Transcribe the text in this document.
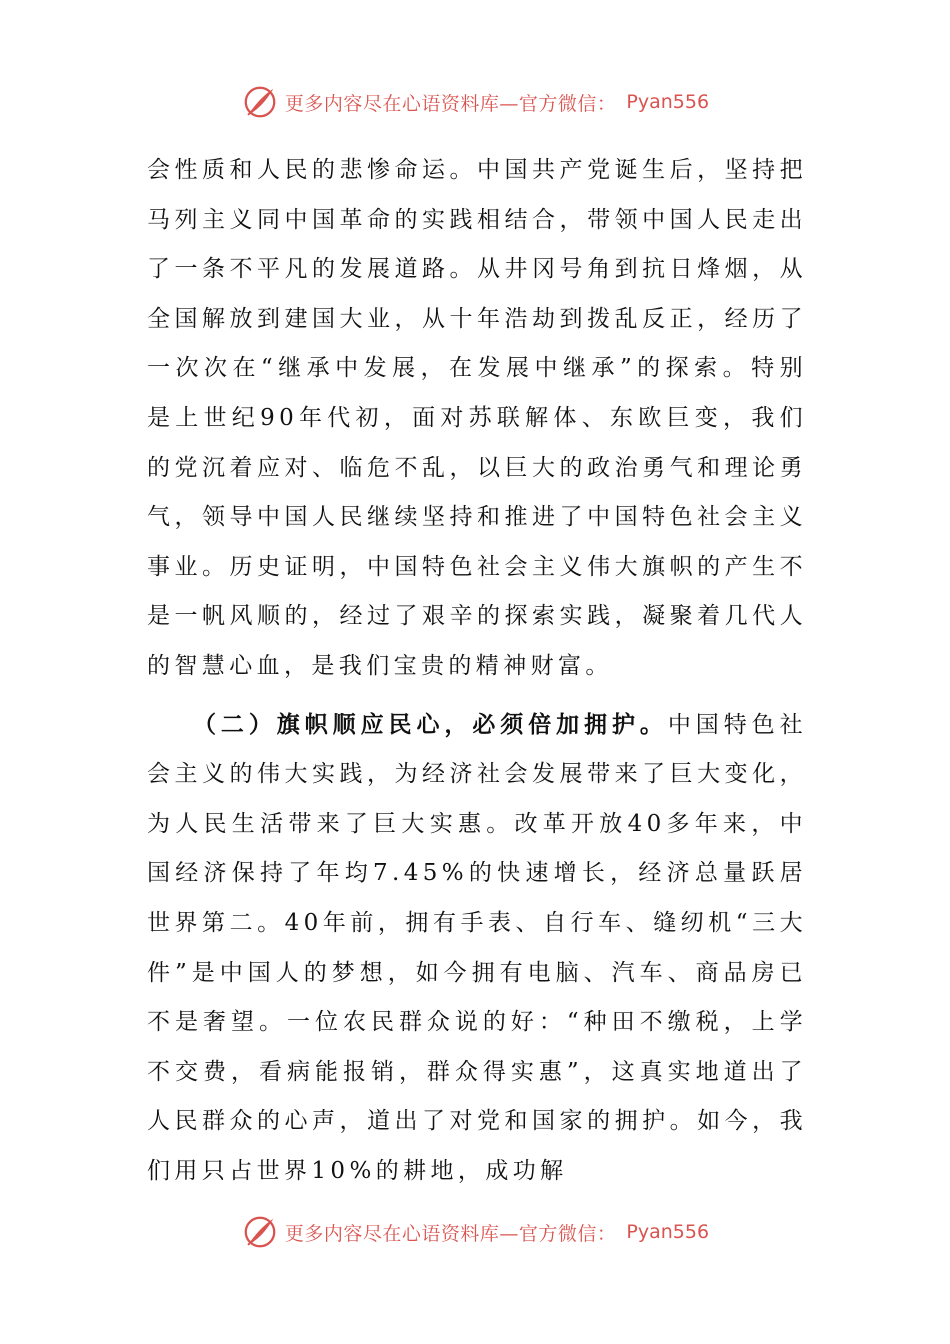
更多内容尽在心语资料库—官方微信： Pyan556

会性质和人民的悲惨命运。中国共产党诞生后，坚持把马列主义同中国革命的实践相结合，带领中国人民走出了一条不平凡的发展道路。从井冈号角到抗日烽烟，从全国解放到建国大业，从十年浩劫到拨乱反正，经历了一次次在“继承中发展，在发展中继承”的探索。特别是上世纪90年代初，面对苏联解体、东欧巨变，我们的党沉着应对、临危不乱，以巨大的政治勇气和理论勇气，领导中国人民继续坚持和推进了中国特色社会主义事业。历史证明，中国特色社会主义伟大旗帜的产生不是一帆风顺的，经过了艰辛的探索实践，凝聚着几代人的智慧心血，是我们宝贵的精神财富。

（二）旗帜顺应民心，必须倍加拥护。中国特色社会主义的伟大实践，为经济社会发展带来了巨大变化，为人民生活带来了巨大实惠。改革开放40多年来，中国经济保持了年均7.45%的快速增长，经济总量跃居世界第二。40年前，拥有手表、自行车、缝纫机“三大件”是中国人的梦想，如今拥有电脑、汽车、商品房已不是奢望。一位农民群众说的好：“种田不缴税，上学不交费，看病能报销，群众得实惠”，这真实地道出了人民群众的心声，道出了对党和国家的拥护。如今，我们用只占世界10%的耕地，成功解

更多内容尽在心语资料库—官方微信： Pyan556
